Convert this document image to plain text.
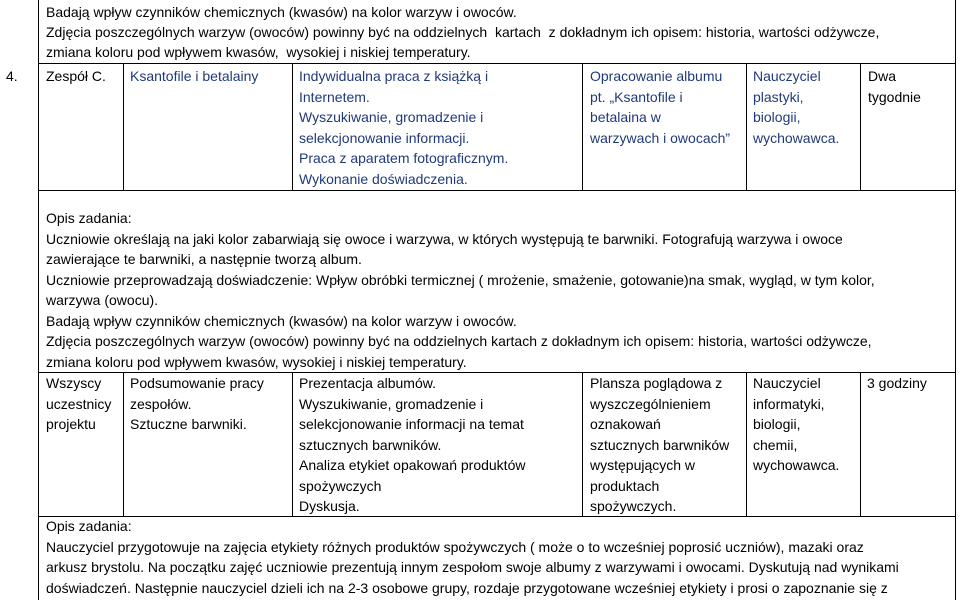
Badają wpływ czynników chemicznych (kwasów) na kolor warzyw i owoców.
Zdjęcia poszczególnych warzyw (owoców) powinny być na oddzielnych  kartach  z dokładnym ich opisem: historia, wartości odżywcze,
zmiana koloru pod wpływem kwasów,  wysokiej i niskiej temperatury.
4. Zespół C. Ksantofile i betalainy	Indywidualna praca z książką i
Internetem.
Wyszukiwanie, gromadzenie i
selekcjonowanie informacji.
Praca z aparatem fotograficznym.
Wykonanie doświadczenia.
Opracowanie albumu
pt. „Ksantofile i
betalaina w
warzywach i owocach”
Nauczyciel
plastyki,
biologii,
wychowawca.
Dwa
tygodnie
Opis zadania:
Uczniowie określają na jaki kolor zabarwiają się owoce i warzywa, w których występują te barwniki. Fotografują warzywa i owoce
zawierające te barwniki, a następnie tworzą album.
Uczniowie przeprowadzają doświadczenie: Wpływ obróbki termicznej ( mrożenie, smażenie, gotowanie)na smak, wygląd, w tym kolor,
warzywa (owocu).
Badają wpływ czynników chemicznych (kwasów) na kolor warzyw i owoców.
Zdjęcia poszczególnych warzyw (owoców) powinny być na oddzielnych kartach z dokładnym ich opisem: historia, wartości odżywcze,
zmiana koloru pod wpływem kwasów, wysokiej i niskiej temperatury.
Wszyscy
uczestnicy
projektu
Podsumowanie pracy
zespołów.
Sztuczne barwniki.
Prezentacja albumów.
Wyszukiwanie, gromadzenie i
selekcjonowanie informacji na temat
sztucznych barwników.
Analiza etykiet opakowań produktów
spożywczych
Dyskusja.
Plansza poglądowa z
wyszczególnieniem
oznakowań
sztucznych barwników
występujących w
produktach
spożywczych.
Nauczyciel
informatyki,
biologii,
chemii,
wychowawca.
3 godziny
Opis zadania:
Nauczyciel przygotowuje na zajęcia etykiety różnych produktów spożywczych ( może o to wcześniej poprosić uczniów), mazaki oraz
arkusz brystolu. Na początku zajęć uczniowie prezentują innym zespołom swoje albumy z warzywami i owocami. Dyskutują nad wynikami
doświadczeń. Następnie nauczyciel dzieli ich na 2-3 osobowe grupy, rozdaje przygotowane wcześniej etykiety i prosi o zapoznanie się z
